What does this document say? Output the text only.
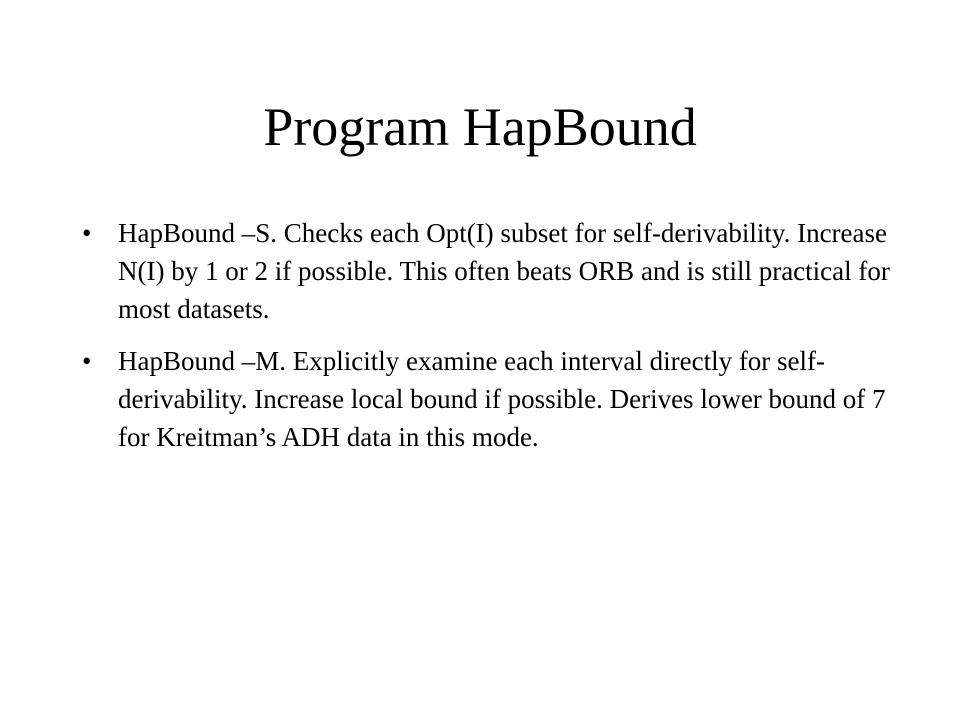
Program HapBound
• HapBound –S. Checks each Opt(I) subset for self-derivability. Increase N(I) by 1 or 2 if possible. This often beats ORB and is still practical for most datasets.
• HapBound –M. Explicitly examine each interval directly for self-derivability. Increase local bound if possible. Derives lower bound of 7 for Kreitman’s ADH data in this mode.
